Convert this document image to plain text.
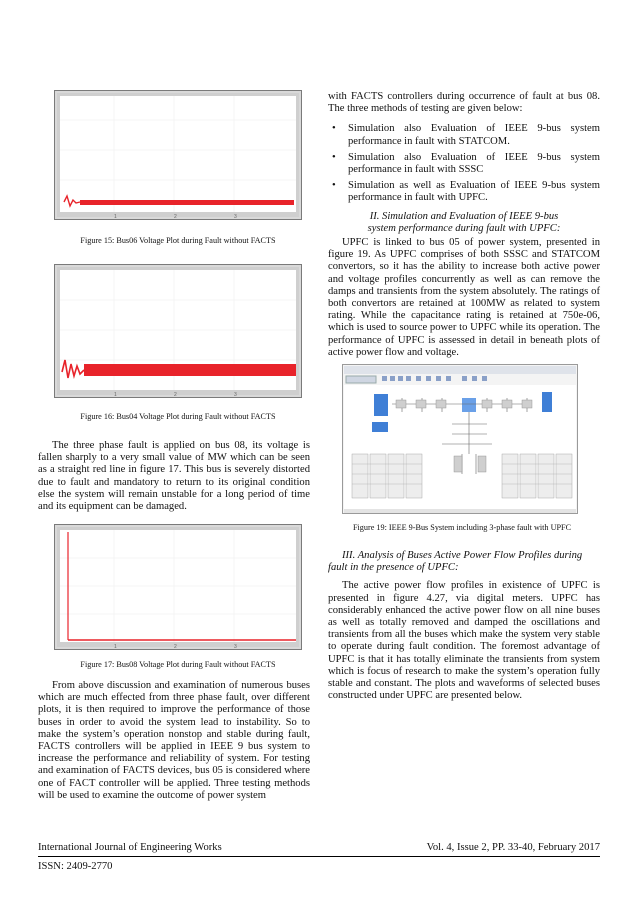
1	2	3
Figure 15: Bus06 Voltage Plot during Fault without FACTS
1	2	3
Figure 16: Bus04 Voltage Plot during Fault without FACTS

The three phase fault is applied on bus 08, its voltage is fallen sharply to a very small value of MW which can be seen as a straight red line in figure 17. This bus is severely distorted due to fault and mandatory to return to its original condition else the system will remain unstable for a long period of time and its equipment can be damaged.

1	2	3
Figure 17: Bus08 Voltage Plot during Fault without FACTS

From above discussion and examination of numerous buses which are much effected from three phase fault, over different plots, it is then required to improve the performance of those buses in order to avoid the system lead to instability. So to make the system’s operation nonstop and stable during fault, FACTS controllers will be applied in IEEE 9 bus system to increase the performance and reliability of system. For testing and examination of FACTS devices, bus 05 is considered where one of FACT controller will be applied. Three testing methods will be used to examine the outcome of power system

with FACTS controllers during occurrence of fault at bus 08. The three methods of testing are given below:

• Simulation also Evaluation of IEEE 9-bus system performance in fault with STATCOM.
• Simulation also Evaluation of IEEE 9-bus system performance in fault with SSSC
• Simulation as well as Evaluation of IEEE 9-bus system performance in fault with UPFC.
II. Simulation and Evaluation of IEEE 9-bus
system performance during fault with UPFC:

UPFC is linked to bus 05 of power system, presented in figure 19. As UPFC comprises of both SSSC and STATCOM convertors, so it has the ability to increase both active power and voltage profiles concurrently as well as can remove the damps and transients from the system absolutely. The ratings of both convertors are retained at 100MW as related to system rating. While the capacitance rating is retained at 750e-06, which is used to source power to UPFC while its operation. The performance of UPFC is assessed in detail in beneath plots of active power flow and voltage.

Figure 19: IEEE 9-Bus System including 3-phase fault with UPFC
III. Analysis of Buses Active Power Flow Profiles during
fault in the presence of UPFC:

The active power flow profiles in existence of UPFC is presented in figure 4.27, via digital meters. UPFC has considerably enhanced the active power flow on all nine buses as well as totally removed and damped the oscillations and transients from all the buses which make the system very stable to operate during fault condition. The foremost advantage of UPFC is that it has totally eliminate the transients from system which is focus of research to make the system’s operation fully stable and constant. The plots and waveforms of selected buses constructed under UPFC are presented below.

International Journal of Engineering Works	Vol. 4, Issue 2, PP. 33-40, February 2017
ISSN: 2409-2770
